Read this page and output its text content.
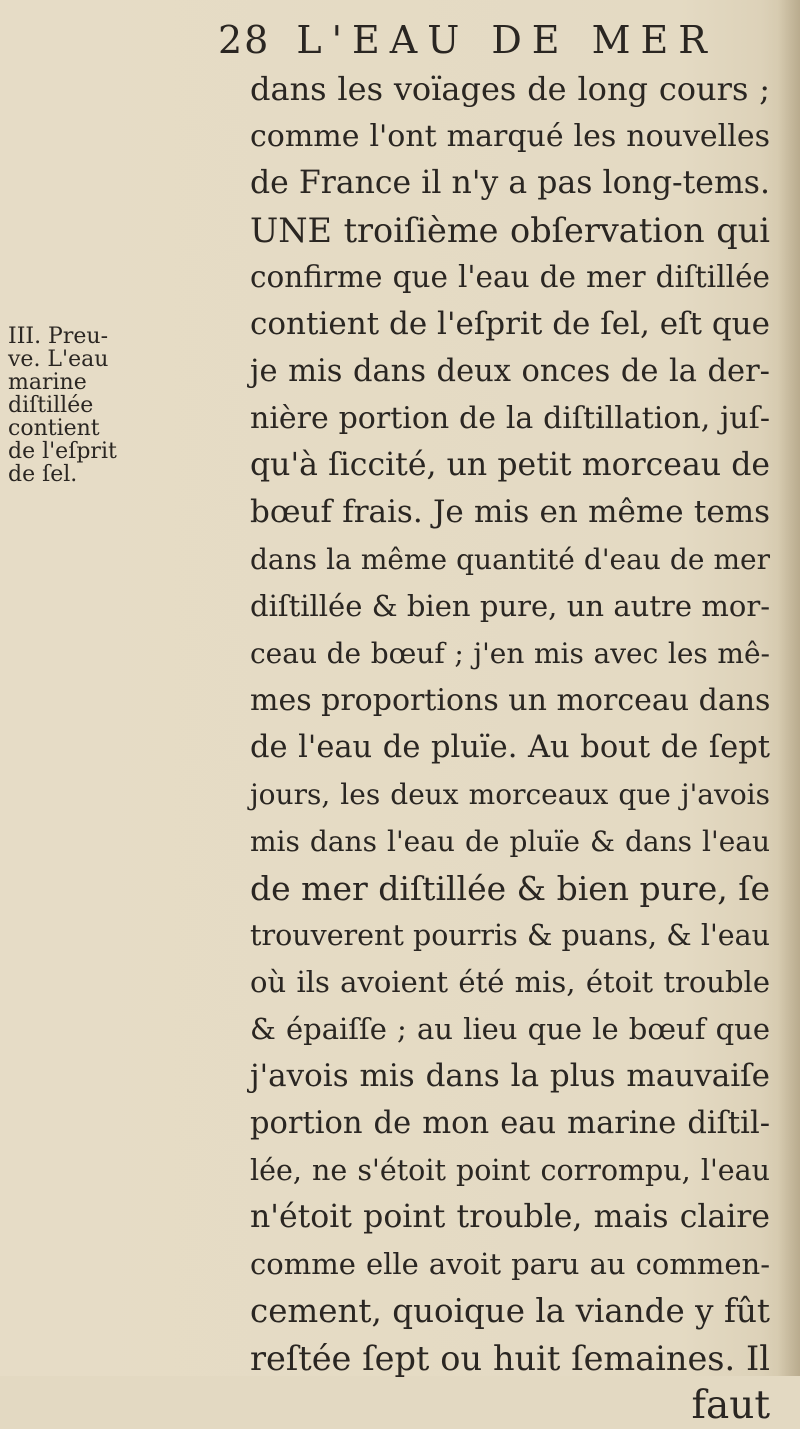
28 L'EAU DE MER
III. Preu-
ve. L'eau
marine
diſtillée
contient
de l'eſprit
de ſel.
dans les voïages de long cours ;
comme l'ont marqué les nouvelles
de France il n'y a pas long-tems.
UNE troiſième obſervation qui
confirme que l'eau de mer diſtillée
contient de l'eſprit de ſel, eſt que
je mis dans deux onces de la der-
nière portion de la diſtillation, juſ-
qu'à ſiccité, un petit morceau de
bœuf frais. Je mis en même tems
dans la même quantité d'eau de mer
diſtillée & bien pure, un autre mor-
ceau de bœuf ; j'en mis avec les mê-
mes proportions un morceau dans
de l'eau de pluïe. Au bout de ſept
jours, les deux morceaux que j'avois
mis dans l'eau de pluïe & dans l'eau
de mer diſtillée & bien pure, ſe
trouverent pourris & puans, & l'eau
où ils avoient été mis, étoit trouble
& épaiſſe ; au lieu que le bœuf que
j'avois mis dans la plus mauvaiſe
portion de mon eau marine diſtil-
lée, ne s'étoit point corrompu, l'eau
n'étoit point trouble, mais claire
comme elle avoit paru au commen-
cement, quoique la viande y fût
reſtée ſept ou huit ſemaines. Il
faut
